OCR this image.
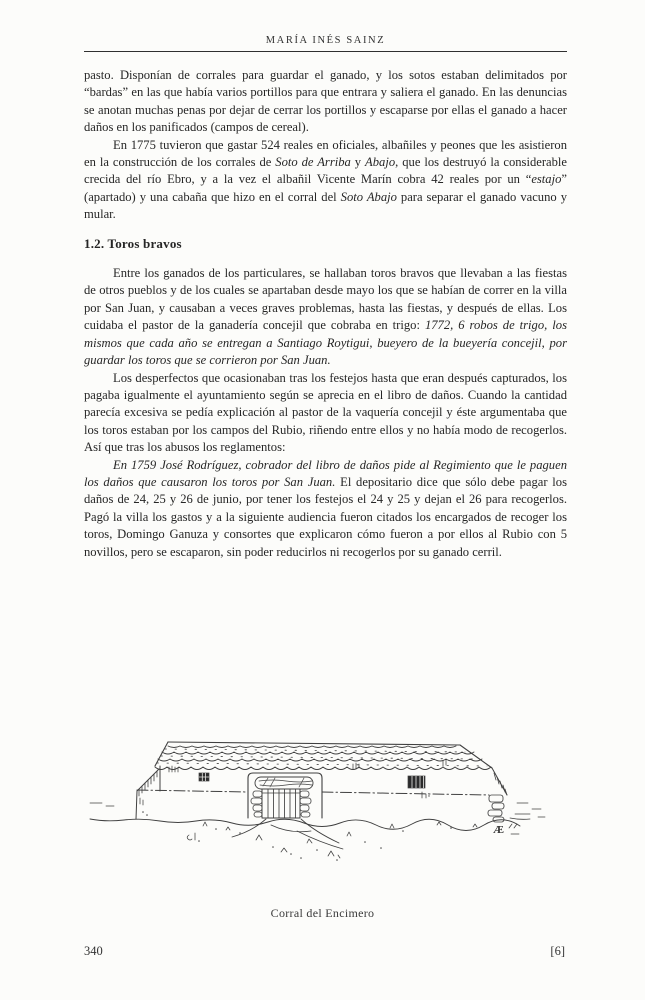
MARÍA INÉS SAINZ

pasto. Disponían de corrales para guardar el ganado, y los sotos estaban delimitados por “bardas” en las que había varios portillos para que entrara y saliera el ganado. En las denuncias se anotan muchas penas por dejar de cerrar los portillos y escaparse por ellas el ganado a hacer daños en los panificados (campos de cereal).

En 1775 tuvieron que gastar 524 reales en oficiales, albañiles y peones que les asistieron en la construcción de los corrales de Soto de Arriba y Abajo, que los destruyó la considerable crecida del río Ebro, y a la vez el albañil Vicente Marín cobra 42 reales por un “estajo” (apartado) y una cabaña que hizo en el corral del Soto Abajo para separar el ganado vacuno y mular.

1.2. Toros bravos

Entre los ganados de los particulares, se hallaban toros bravos que llevaban a las fiestas de otros pueblos y de los cuales se apartaban desde mayo los que se habían de correr en la villa por San Juan, y causaban a veces graves problemas, hasta las fiestas, y después de ellas. Los cuidaba el pastor de la ganadería concejil que cobraba en trigo: 1772, 6 robos de trigo, los mismos que cada año se entregan a Santiago Roytigui, bueyero de la bueyería concejil, por guardar los toros que se corrieron por San Juan.

Los desperfectos que ocasionaban tras los festejos hasta que eran después capturados, los pagaba igualmente el ayuntamiento según se aprecia en el libro de daños. Cuando la cantidad parecía excesiva se pedía explicación al pastor de la vaquería concejil y éste argumentaba que los toros estaban por los campos del Rubio, riñendo entre ellos y no había modo de recogerlos. Así que tras los abusos los reglamentos:

En 1759 José Rodríguez, cobrador del libro de daños pide al Regimiento que le paguen los daños que causaron los toros por San Juan. El depositario dice que sólo debe pagar los daños de 24, 25 y 26 de junio, por tener los festejos el 24 y 25 y dejan el 26 para recogerlos. Pagó la villa los gastos y a la siguiente audiencia fueron citados los encargados de recoger los toros, Domingo Ganuza y consortes que explicaron cómo fueron a por ellos al Rubio con 5 novillos, pero se escaparon, sin poder reducirlos ni recogerlos por su ganado cerril.

Æ
Corral del Encimero
340	[6]
